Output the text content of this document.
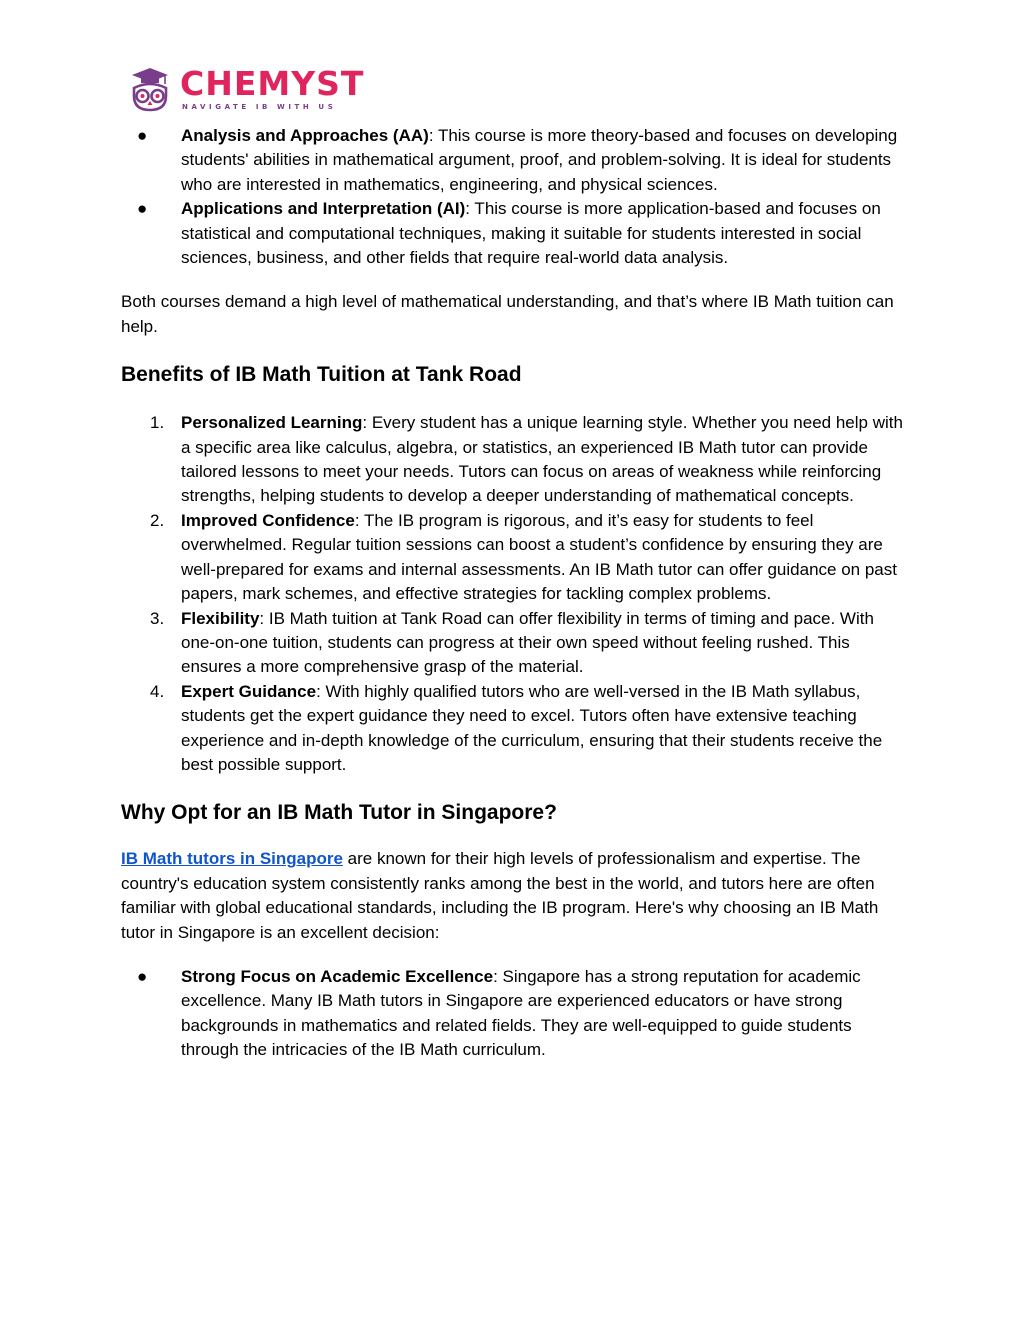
CHEMYST
NAVIGATE IB WITH US
● Analysis and Approaches (AA): This course is more theory-based and focuses on developing students' abilities in mathematical argument, proof, and problem-solving. It is ideal for students who are interested in mathematics, engineering, and physical sciences.
● Applications and Interpretation (AI): This course is more application-based and focuses on statistical and computational techniques, making it suitable for students interested in social sciences, business, and other fields that require real-world data analysis.

Both courses demand a high level of mathematical understanding, and that’s where IB Math tuition can help.

Benefits of IB Math Tuition at Tank Road
1. Personalized Learning: Every student has a unique learning style. Whether you need help with a specific area like calculus, algebra, or statistics, an experienced IB Math tutor can provide tailored lessons to meet your needs. Tutors can focus on areas of weakness while reinforcing strengths, helping students to develop a deeper understanding of mathematical concepts.
2. Improved Confidence: The IB program is rigorous, and it’s easy for students to feel overwhelmed. Regular tuition sessions can boost a student’s confidence by ensuring they are well-prepared for exams and internal assessments. An IB Math tutor can offer guidance on past papers, mark schemes, and effective strategies for tackling complex problems.
3. Flexibility: IB Math tuition at Tank Road can offer flexibility in terms of timing and pace. With one-on-one tuition, students can progress at their own speed without feeling rushed. This ensures a more comprehensive grasp of the material.
4. Expert Guidance: With highly qualified tutors who are well-versed in the IB Math syllabus, students get the expert guidance they need to excel. Tutors often have extensive teaching experience and in-depth knowledge of the curriculum, ensuring that their students receive the best possible support.
Why Opt for an IB Math Tutor in Singapore?

IB Math tutors in Singapore are known for their high levels of professionalism and expertise. The country's education system consistently ranks among the best in the world, and tutors here are often familiar with global educational standards, including the IB program. Here's why choosing an IB Math tutor in Singapore is an excellent decision:

● Strong Focus on Academic Excellence: Singapore has a strong reputation for academic excellence. Many IB Math tutors in Singapore are experienced educators or have strong backgrounds in mathematics and related fields. They are well-equipped to guide students through the intricacies of the IB Math curriculum.
